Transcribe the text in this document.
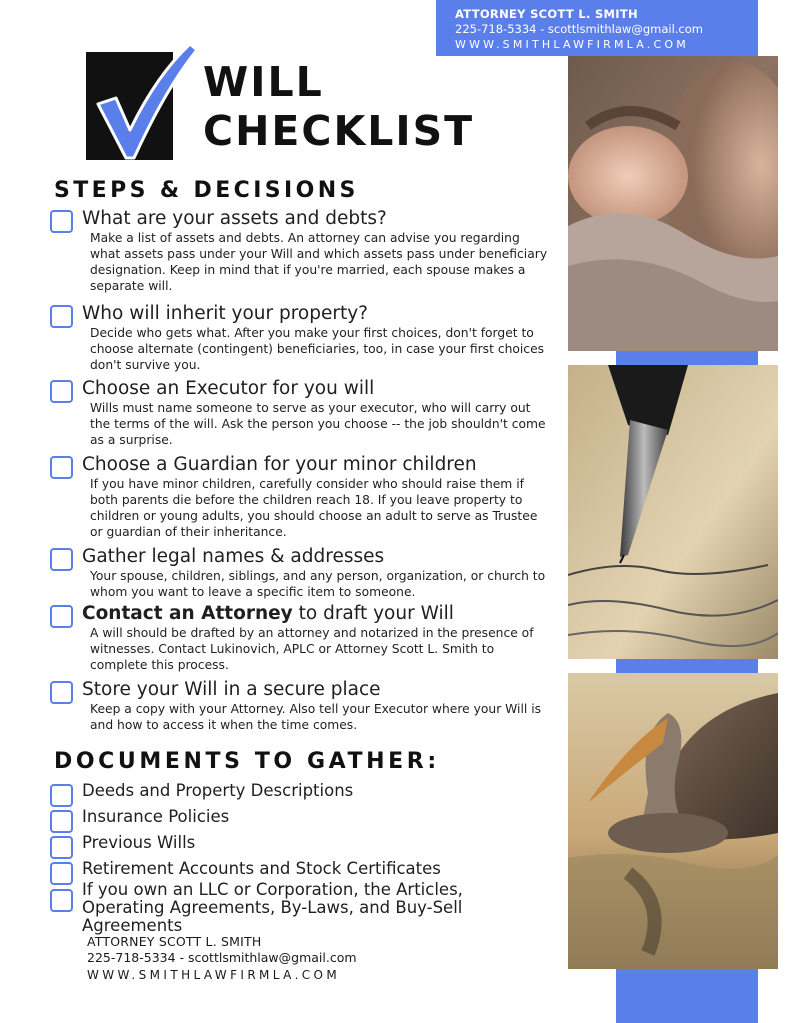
ATTORNEY SCOTT L. SMITH
225-718-5334 - scottlsmithlaw@gmail.com
WWW.SMITHLAWFIRMLA.COM
WILL
CHECKLIST
STEPS & DECISIONS
What are your assets and debts?
Make a list of assets and debts. An attorney can advise you regarding what assets pass under your Will and which assets pass under beneficiary designation. Keep in mind that if you're married, each spouse makes a separate will.
Who will inherit your property?
Decide who gets what. After you make your first choices, don't forget to choose alternate (contingent) beneficiaries, too, in case your first choices don't survive you.
Choose an Executor for you will
Wills must name someone to serve as your executor, who will carry out the terms of the will. Ask the person you choose -- the job shouldn't come as a surprise.
Choose a Guardian for your minor children
If you have minor children, carefully consider who should raise them if both parents die before the children reach 18. If you leave property to children or young adults, you should choose an adult to serve as Trustee or guardian of their inheritance.
Gather legal names & addresses
Your spouse, children, siblings, and any person, organization, or church to whom you want to leave a specific item to someone.
Contact an Attorney to draft your Will
A will should be drafted by an attorney and notarized in the presence of witnesses. Contact Lukinovich, APLC or Attorney Scott L. Smith to complete this process.
Store your Will in a secure place
Keep a copy with your Attorney. Also tell your Executor where your Will is and how to access it when the time comes.
DOCUMENTS TO GATHER:
Deeds and Property Descriptions
Insurance Policies
Previous Wills
Retirement Accounts and Stock Certificates
If you own an LLC or Corporation, the Articles, Operating Agreements, By-Laws, and Buy-Sell Agreements
ATTORNEY SCOTT L. SMITH
225-718-5334 - scottlsmithlaw@gmail.com
WWW.SMITHLAWFIRMLA.COM
